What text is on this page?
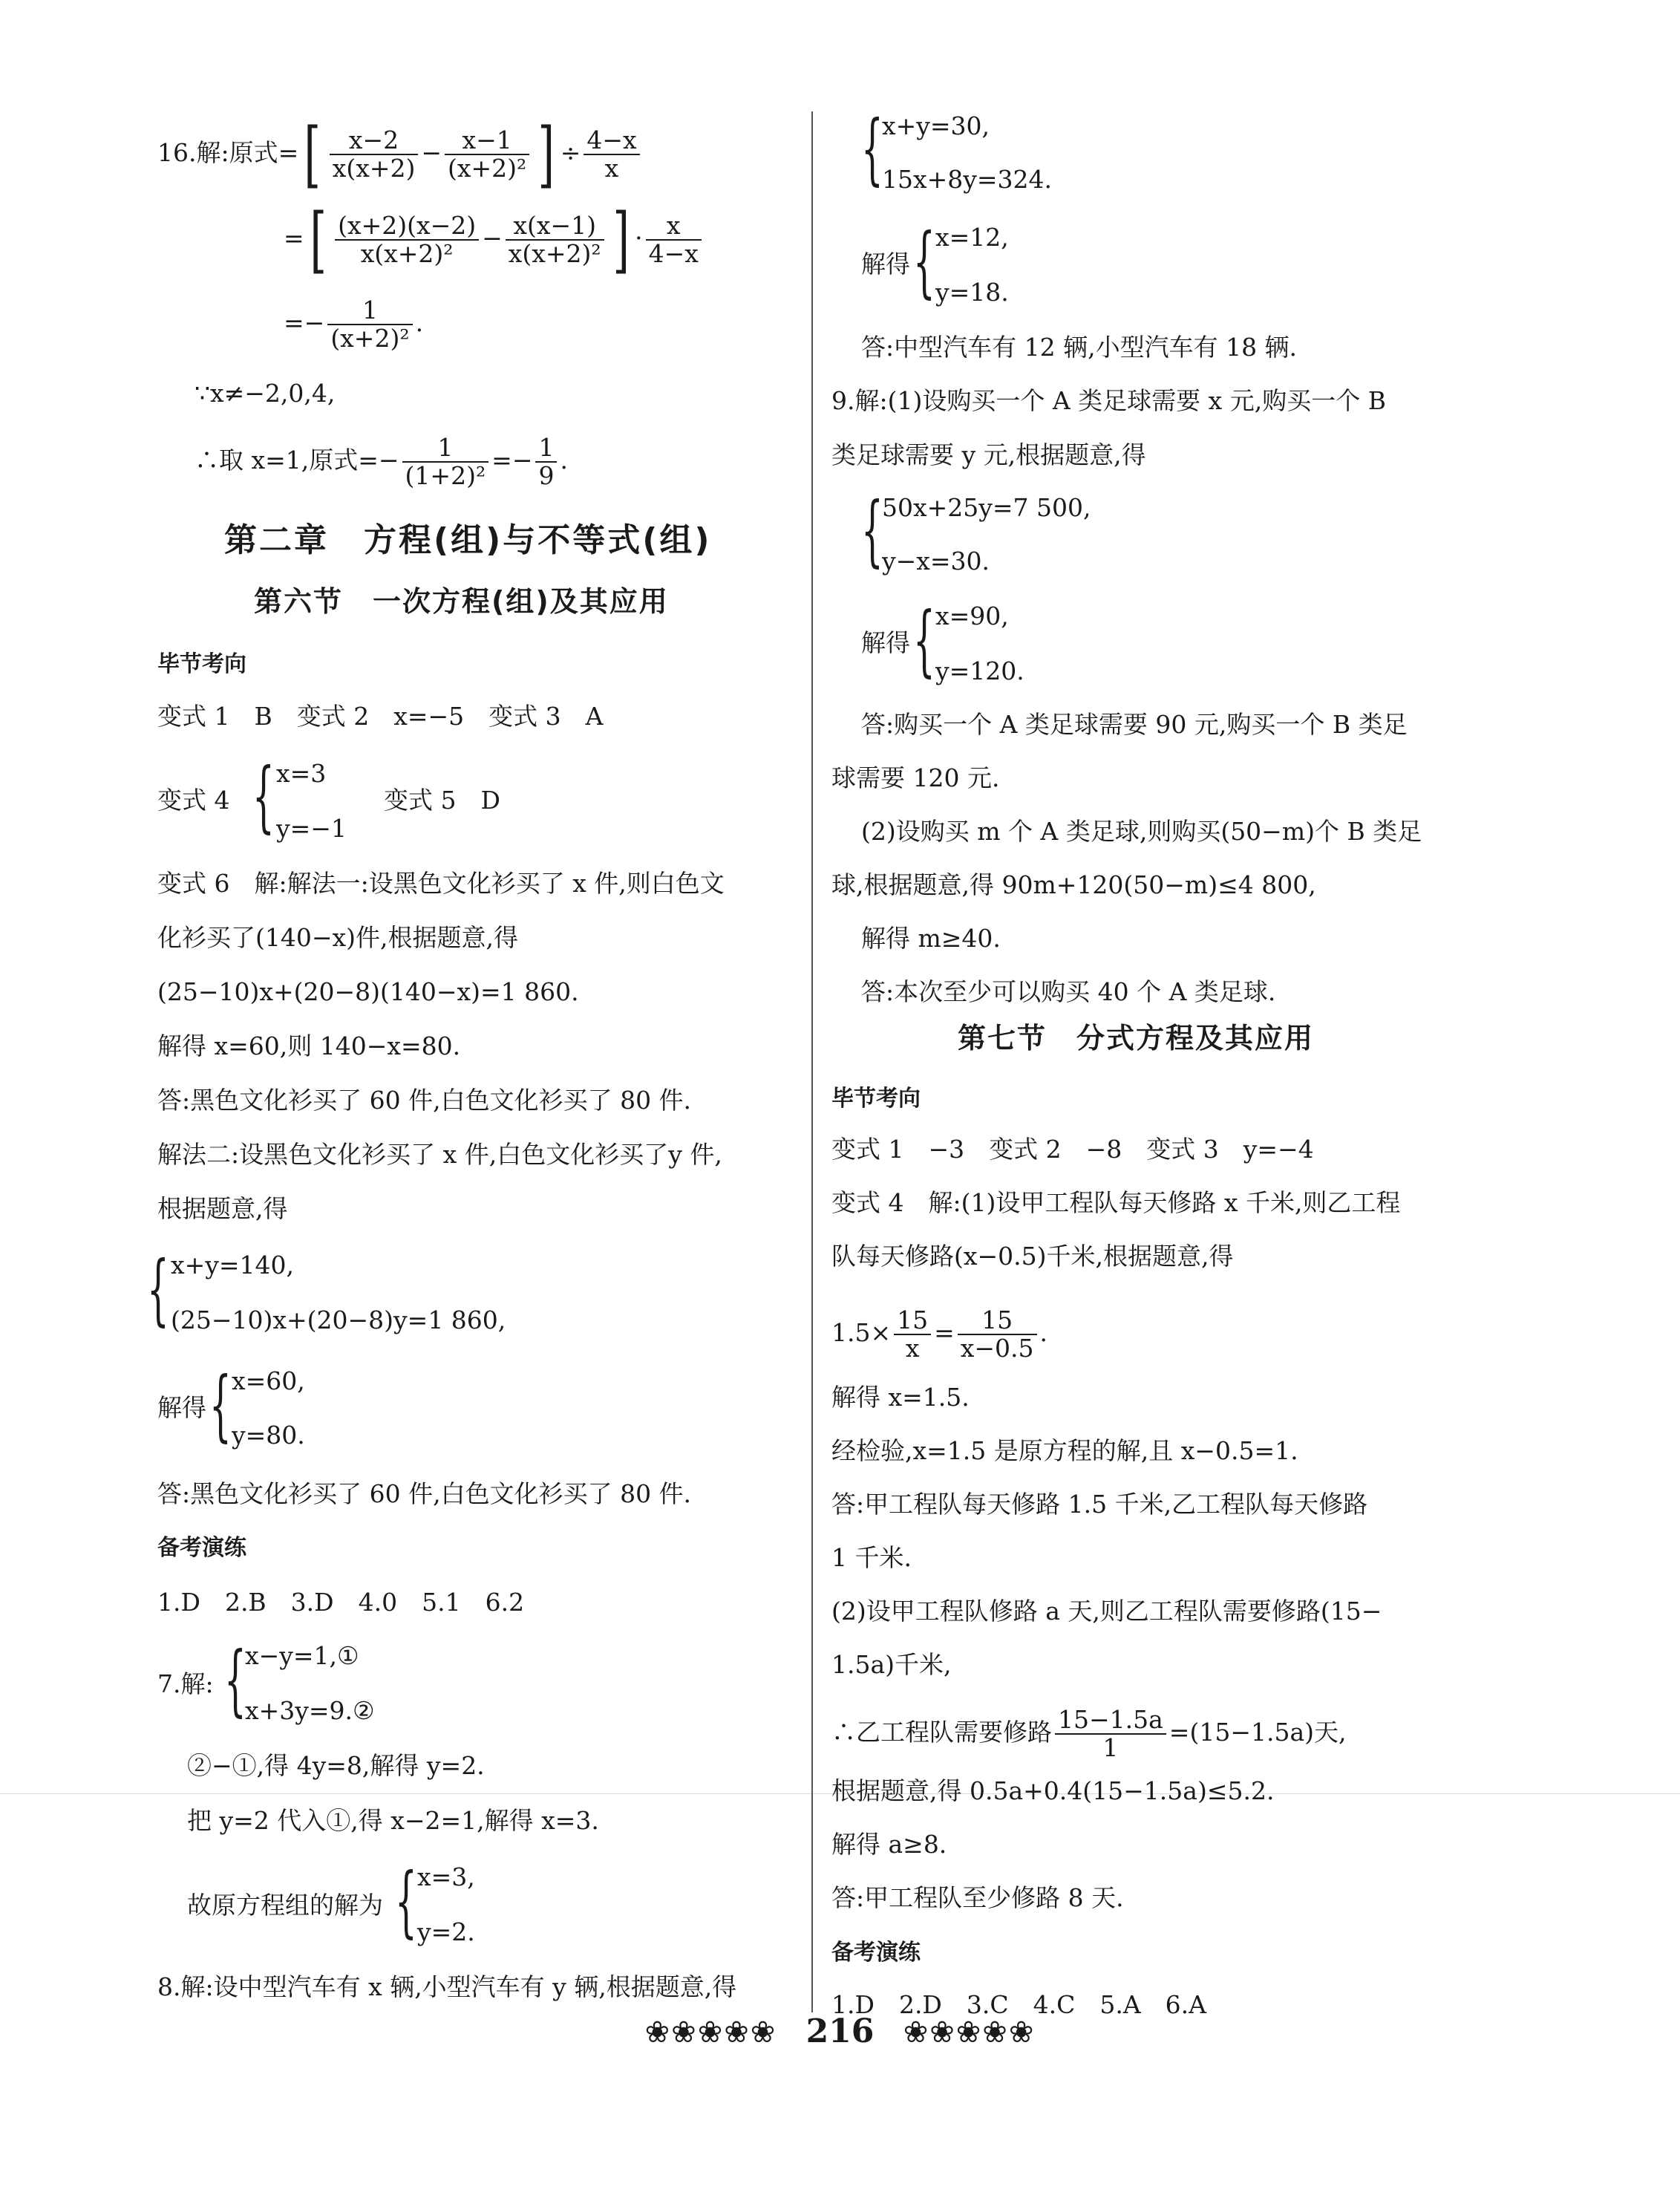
16.解:原式=[ $\frac{x-2}{x(x+2)} - \frac{x-1}{\text{(x+2)²}}$ ] ÷ $\frac{4-x}{x}$
=[ $\frac{(x+2)(x-2)}{\text{x(x+2)²}} - \frac{x(x-1)}{\text{x(x+2)²}}$ ] · $\frac{x}{4-x}$
=− $\frac{1}{\text{(x+2)²}}$ .
∵x≠−2,0,4,
∴取 x=1,原式=− $\frac{1}{\text{(1+2)²}} =- \frac{1}{9}$ .
第二章　方程(组)与不等式(组)
第六节　一次方程(组)及其应用
毕节考向
变式 1　B　变式 2　x=−5　变式 3　A
变式 4 { x=3
y=−1
变式 5　D
变式 6　解:解法一:设黑色文化衫买了 x 件,则白色文
化衫买了(140−x)件,根据题意,得
(25−10)x+(20−8)(140−x)=1 860.
解得 x=60,则 140−x=80.
答:黑色文化衫买了 60 件,白色文化衫买了 80 件.
解法二:设黑色文化衫买了 x 件,白色文化衫买了y 件,
根据题意,得
{ x+y=140,
(25−10)x+(20−8)y=1 860,
解得 { x=60,
y=80.
答:黑色文化衫买了 60 件,白色文化衫买了 80 件.
备考演练
1.D　2.B　3.D　4.0　5.1　6.2
7.解: {
x−y=1,①
x+3y=9.②
②−①,得 4y=8,解得 y=2.
把 y=2 代入①,得 x−2=1,解得 x=3.
故原方程组的解为 { x=3,
y=2.
8.解:设中型汽车有 x 辆,小型汽车有 y 辆,根据题意,得
{
x+y=30,
15x+8y=324.
解得 { x=12,
y=18.
答:中型汽车有 12 辆,小型汽车有 18 辆.
9.解:(1)设购买一个 A 类足球需要 x 元,购买一个 B
类足球需要 y 元,根据题意,得
{
50x+25y=7 500,
y−x=30.
解得 { x=90,
y=120.
答:购买一个 A 类足球需要 90 元,购买一个 B 类足
球需要 120 元.
(2)设购买 m 个 A 类足球,则购买(50−m)个 B 类足
球,根据题意,得 90m+120(50−m)≤4 800,
解得 m≥40.
答:本次至少可以购买 40 个 A 类足球.
第七节　分式方程及其应用
毕节考向
变式 1　−3　变式 2　−8　变式 3　y=−4
变式 4　解:(1)设甲工程队每天修路 x 千米,则乙工程
队每天修路(x−0.5)千米,根据题意,得
$1.5\times \frac{15}{x} = \frac{15}{x-0.5}$ .
解得 x=1.5.
经检验,x=1.5 是原方程的解,且 x−0.5=1.
答:甲工程队每天修路 1.5 千米,乙工程队每天修路
1 千米.
(2)设甲工程队修路 a 天,则乙工程队需要修路(15−
1.5a)千米,
∴乙工程队需要修路 $\frac{15-1.5a}{1} =(15-1.5a)$天,
根据题意,得 0.5a+0.4(15−1.5a)≤5.2.
解得 a≥8.
答:甲工程队至少修路 8 天.
备考演练
1.D　2.D　3.C　4.C　5.A　6.A
❀❀❀❀❀ 216 ❀❀❀❀❀
